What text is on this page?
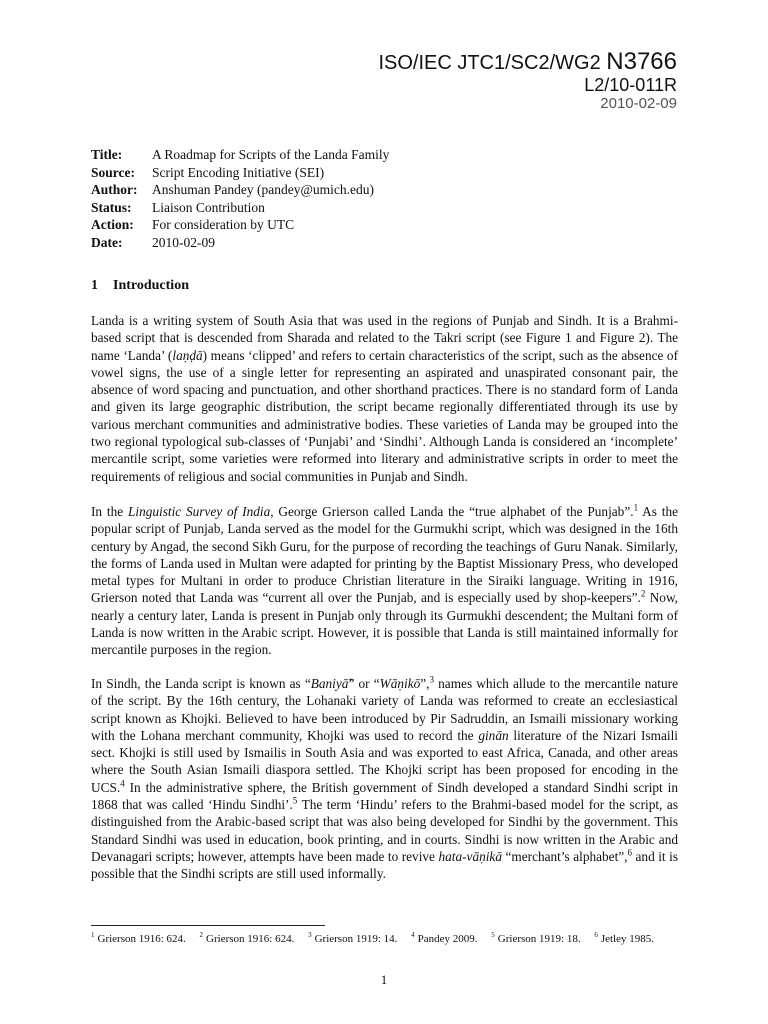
ISO/IEC JTC1/SC2/WG2 N3766
L2/10-011R
2010-02-09
Title:	A Roadmap for Scripts of the Landa Family
Source:	Script Encoding Initiative (SEI)
Author:	Anshuman Pandey (pandey@umich.edu)
Status:	Liaison Contribution
Action:	For consideration by UTC
Date:	2010-02-09
1 Introduction

Landa is a writing system of South Asia that was used in the regions of Punjab and Sindh. It is a Brahmi-based script that is descended from Sharada and related to the Takri script (see Figure 1 and Figure 2). The name ‘Landa’ (laṇḍā) means ‘clipped’ and refers to certain characteristics of the script, such as the absence of vowel signs, the use of a single letter for representing an aspirated and unaspirated consonant pair, the absence of word spacing and punctuation, and other shorthand practices. There is no standard form of Landa and given its large geographic distribution, the script became regionally differentiated through its use by various merchant communities and administrative bodies. These varieties of Landa may be grouped into the two regional typological sub-classes of ‘Punjabi’ and ‘Sindhi’. Although Landa is considered an ‘incomplete’ mercantile script, some varieties were reformed into literary and administrative scripts in order to meet the requirements of religious and social communities in Punjab and Sindh.

In the Linguistic Survey of India, George Grierson called Landa the “true alphabet of the Punjab”.$^1$ As the popular script of Punjab, Landa served as the model for the Gurmukhi script, which was designed in the 16th century by Angad, the second Sikh Guru, for the purpose of recording the teachings of Guru Nanak. Similarly, the forms of Landa used in Multan were adapted for printing by the Baptist Missionary Press, who developed metal types for Multani in order to produce Christian literature in the Siraiki language. Writing in 1916, Grierson noted that Landa was “current all over the Punjab, and is especially used by shop-keepers”.$^2$ Now, nearly a century later, Landa is present in Punjab only through its Gurmukhi descendent; the Multani form of Landa is now written in the Arabic script. However, it is possible that Landa is still maintained informally for mercantile purposes in the region.

In Sindh, the Landa script is known as “Baniyā̃” or “Wāṇikō”,$^3$ names which allude to the mercantile nature of the script. By the 16th century, the Lohanaki variety of Landa was reformed to create an ecclesiastical script known as Khojki. Believed to have been introduced by Pir Sadruddin, an Ismaili missionary working with the Lohana merchant community, Khojki was used to record the ginān literature of the Nizari Ismaili sect. Khojki is still used by Ismailis in South Asia and was exported to east Africa, Canada, and other areas where the South Asian Ismaili diaspora settled. The Khojki script has been proposed for encoding in the UCS.$^4$ In the administrative sphere, the British government of Sindh developed a standard Sindhi script in 1868 that was called ‘Hindu Sindhi’.$^5$ The term ‘Hindu’ refers to the Brahmi-based model for the script, as distinguished from the Arabic-based script that was also being developed for Sindhi by the government. This Standard Sindhi was used in education, book printing, and in courts. Sindhi is now written in the Arabic and Devanagari scripts; however, attempts have been made to revive hata-vāṇikā “merchant’s alphabet”,$^6$ and it is possible that the Sindhi scripts are still used informally.

$^1$ Grierson 1916: 624. $^2$ Grierson 1916: 624. $^3$ Grierson 1919: 14. $^4$ Pandey 2009. $^5$ Grierson 1919: 18. $^6$ Jetley 1985.
1
